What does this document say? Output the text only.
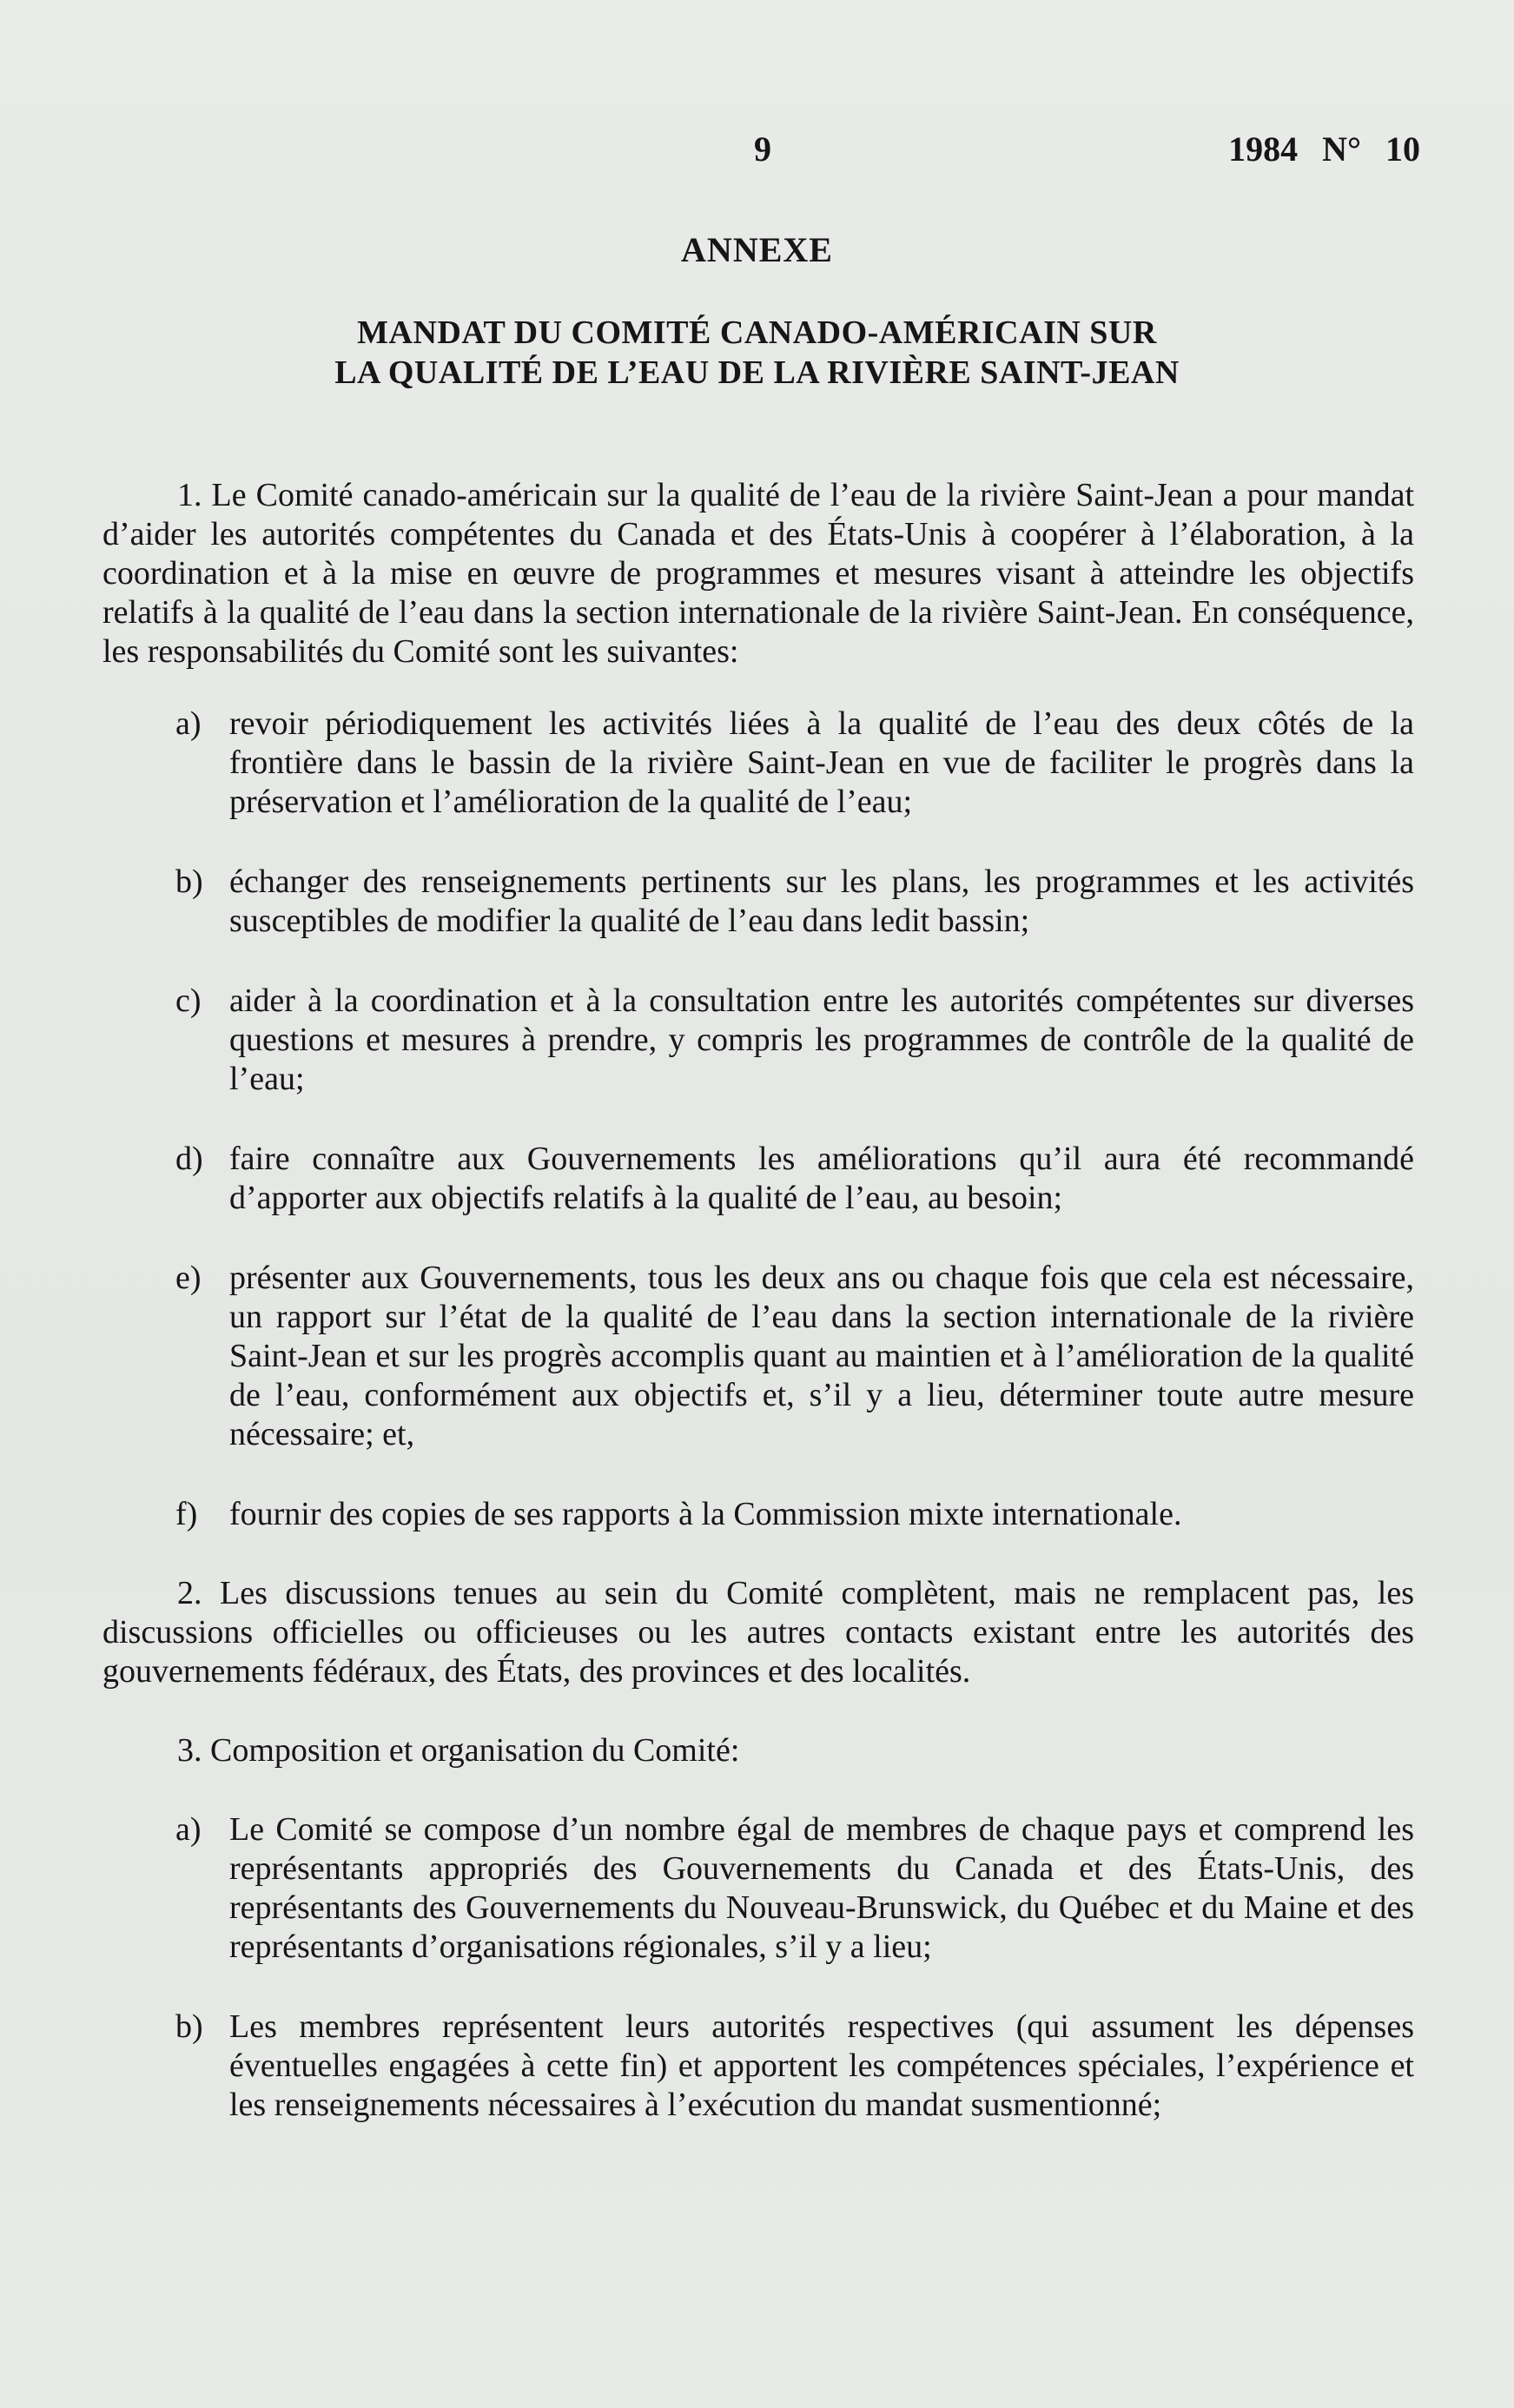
9	1984 N° 10
ANNEXE
MANDAT DU COMITÉ CANADO-AMÉRICAIN SUR
LA QUALITÉ DE L’EAU DE LA RIVIÈRE SAINT-JEAN

1. Le Comité canado-américain sur la qualité de l’eau de la rivière Saint-Jean a pour mandat d’aider les autorités compétentes du Canada et des États-Unis à coopérer à l’élaboration, à la coordination et à la mise en œuvre de programmes et mesures visant à atteindre les objectifs relatifs à la qualité de l’eau dans la section internationale de la rivière Saint-Jean. En conséquence, les responsabilités du Comité sont les suivantes:

a) revoir périodiquement les activités liées à la qualité de l’eau des deux côtés de la frontière dans le bassin de la rivière Saint-Jean en vue de faciliter le progrès dans la préservation et l’amélioration de la qualité de l’eau;

b) échanger des renseignements pertinents sur les plans, les programmes et les activités susceptibles de modifier la qualité de l’eau dans ledit bassin;

c) aider à la coordination et à la consultation entre les autorités compétentes sur diverses questions et mesures à prendre, y compris les programmes de contrôle de la qualité de l’eau;

d) faire connaître aux Gouvernements les améliorations qu’il aura été recommandé d’apporter aux objectifs relatifs à la qualité de l’eau, au besoin;

e) présenter aux Gouvernements, tous les deux ans ou chaque fois que cela est nécessaire, un rapport sur l’état de la qualité de l’eau dans la section internationale de la rivière Saint-Jean et sur les progrès accomplis quant au maintien et à l’amélioration de la qualité de l’eau, conformément aux objectifs et, s’il y a lieu, déterminer toute autre mesure nécessaire; et,

f) fournir des copies de ses rapports à la Commission mixte internationale.

2. Les discussions tenues au sein du Comité complètent, mais ne remplacent pas, les discussions officielles ou officieuses ou les autres contacts existant entre les autorités des gouvernements fédéraux, des États, des provinces et des localités.

3. Composition et organisation du Comité:

a) Le Comité se compose d’un nombre égal de membres de chaque pays et comprend les représentants appropriés des Gouvernements du Canada et des États-Unis, des représentants des Gouvernements du Nouveau-Brunswick, du Québec et du Maine et des représentants d’organisations régionales, s’il y a lieu;

b) Les membres représentent leurs autorités respectives (qui assument les dépenses éventuelles engagées à cette fin) et apportent les compétences spéciales, l’expérience et les renseignements nécessaires à l’exécution du mandat susmentionné;
